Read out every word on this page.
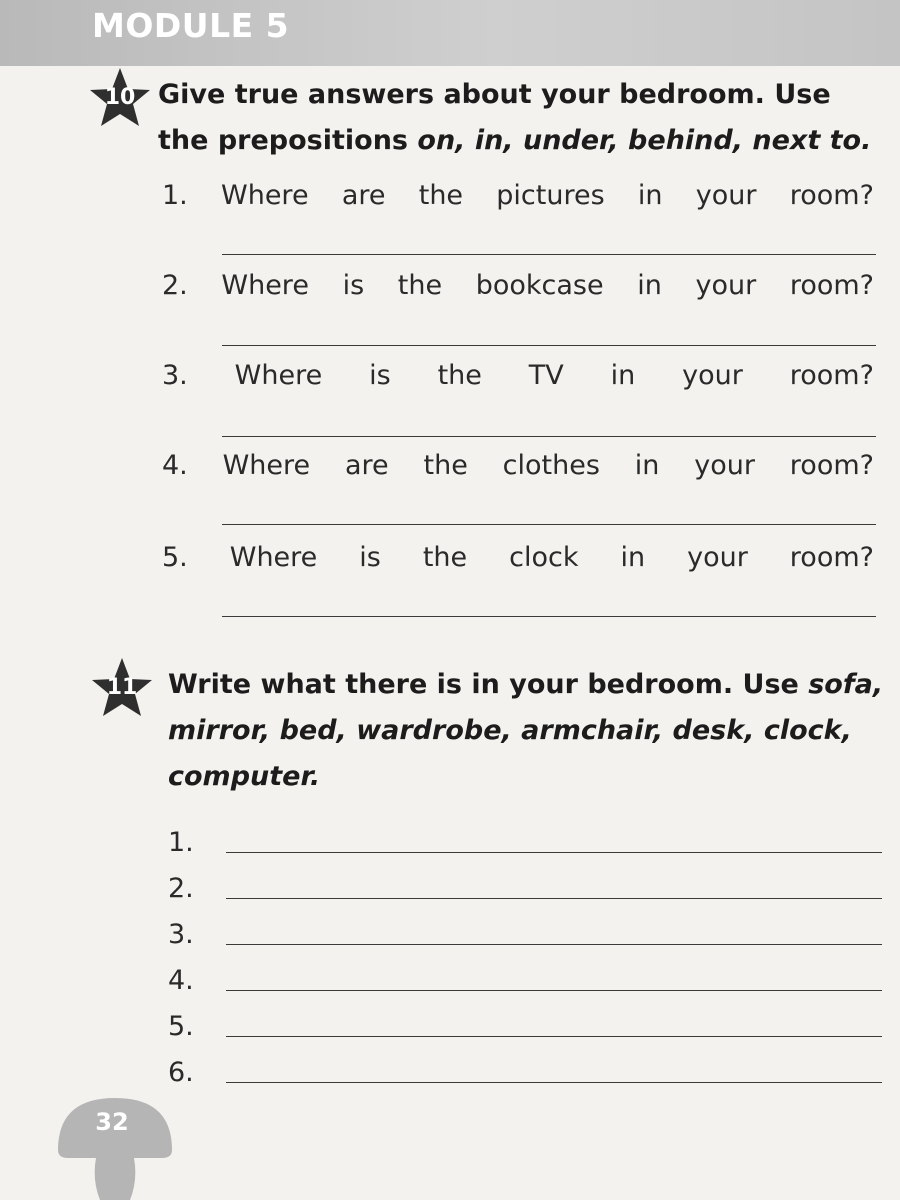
MODULE 5
10 Give true answers about your bedroom. Use
the prepositions on, in, under, behind, next to.
1. Where are the pictures in your room?
2. Where is the bookcase in your room?
3. Where is the TV in your room?
4. Where are the clothes in your room?
5. Where is the clock in your room?
11	Write what there is in your bedroom. Use sofa,
mirror, bed, wardrobe, armchair, desk, clock,
computer.
1.
2.
3.
4.
5.
6.
32
